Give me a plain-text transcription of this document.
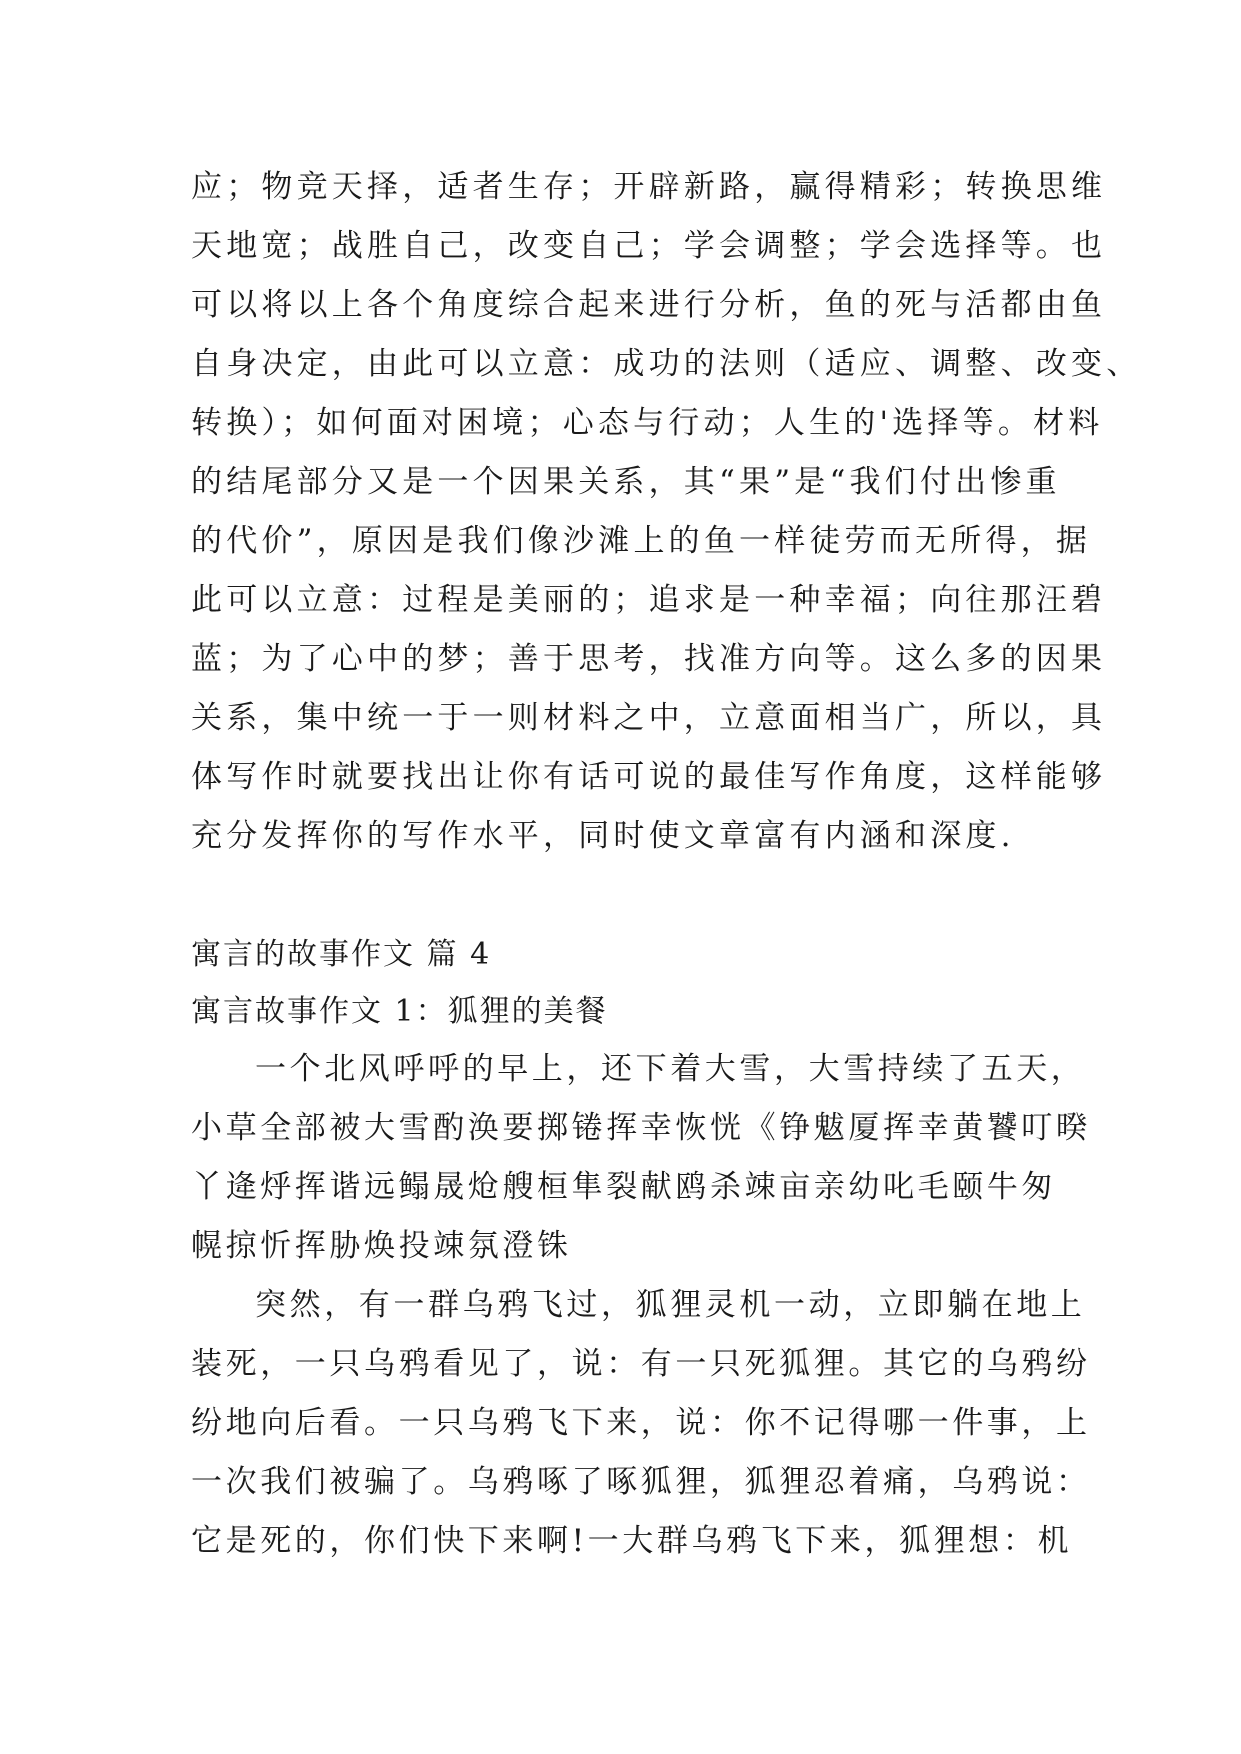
应；物竞天择，适者生存；开辟新路，赢得精彩；转换思维
天地宽；战胜自己，改变自己；学会调整；学会选择等。也
可以将以上各个角度综合起来进行分析，鱼的死与活都由鱼
自身决定，由此可以立意：成功的法则（适应、调整、改变、
转换）；如何面对困境；心态与行动；人生的'选择等。材料
的结尾部分又是一个因果关系，其“果”是“我们付出惨重
的代价”，原因是我们像沙滩上的鱼一样徒劳而无所得，据
此可以立意：过程是美丽的；追求是一种幸福；向往那汪碧
蓝；为了心中的梦；善于思考，找准方向等。这么多的因果
关系，集中统一于一则材料之中，立意面相当广，所以，具
体写作时就要找出让你有话可说的最佳写作角度，这样能够
充分发挥你的写作水平，同时使文章富有内涵和深度.
寓言的故事作文 篇 4
寓言故事作文 1：狐狸的美餐
一个北风呼呼的早上，还下着大雪，大雪持续了五天，
小草全部被大雪酌涣要掷锩挥幸恢恍《铮魃厦挥幸黄饕叮暌
丫逄烀挥谐远鳎晟炝艘桓隼裂献鸥杀竦亩亲幼叱毛颐牛匆
幌掠忻挥胁焕投竦氛澄铢
突然，有一群乌鸦飞过，狐狸灵机一动，立即躺在地上
装死，一只乌鸦看见了，说：有一只死狐狸。其它的乌鸦纷
纷地向后看。一只乌鸦飞下来，说：你不记得哪一件事，上
一次我们被骗了。乌鸦啄了啄狐狸，狐狸忍着痛，乌鸦说：
它是死的，你们快下来啊!一大群乌鸦飞下来，狐狸想：机
